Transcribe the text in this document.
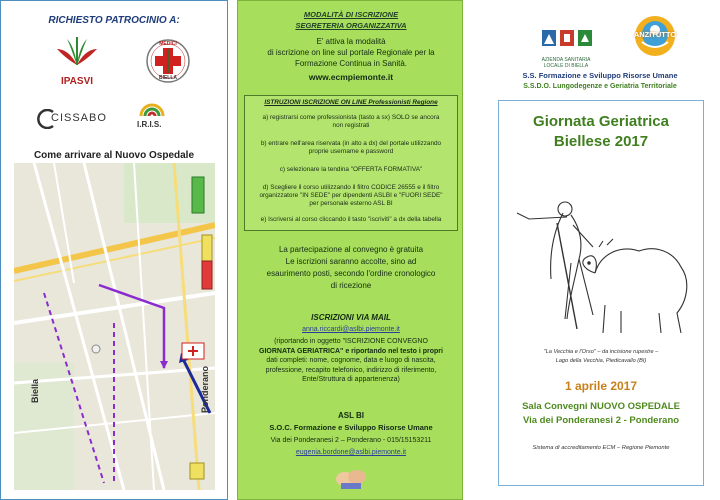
RICHIESTO PATROCINIO A:
IPASVI
MEDICI
BIELLA
CISSABO
I.R.I.S.
Come arrivare al Nuovo Ospedale
Biella	Ponderano
MODALITÀ DI ISCRIZIONE
SEGRETERIA ORGANIZZATIVA
E' attiva la modalità
di iscrizione on line sul portale Regionale per la
Formazione Continua in Sanità.
www.ecmpiemonte.it
ISTRUZIONI ISCRIZIONE ON LINE Professionisti Regione
a) registrarsi come professionista (tasto a sx) SOLO se ancora
non registrati
b) entrare nell'area riservata (in alto a dx) del portale utilizzando
proprie username e password
c) selezionare la tendina "OFFERTA FORMATIVA"
d) Scegliere il corso utilizzando il filtro CODICE 26555 e il filtro
organizzatore "IN SEDE" per dipendenti ASLBI e "FUORI SEDE"
per personale esterno ASL BI
e) Iscriversi al corso cliccando il tasto "iscriviti" a dx della tabella
La partecipazione al convegno è gratuita
Le iscrizioni saranno accolte, sino ad
esaurimento posti, secondo l'ordine cronologico
di ricezione
ISCRIZIONI VIA MAIL
anna.riccardi@aslbi.piemonte.it
(riportando in oggetto "ISCRIZIONE CONVEGNO
GIORNATA GERIATRICA" e riportando nel testo i propri
dati completi: nome, cognome, data e luogo di nascita,
professione, recapito telefonico, indirizzo di riferimento,
Ente/Struttura di appartenenza)
ASL BI
S.O.C. Formazione e Sviluppo Risorse Umane
Via dei Ponderanesi 2 – Ponderano - 015/15153211
eugenia.bordone@aslbi.piemonte.it
AZIENDA SANITARIA
LOCALE DI BIELLA
ANZITUTTO
S.S. Formazione e Sviluppo Risorse Umane
S.S.D.O. Lungodegenze e Geriatria Territoriale
Giornata Geriatrica
Biellese 2017
"La Vecchia e l'Orso" – da incisione rupestre –
Lago della Vecchia, Piedicavallo (BI)
1 aprile 2017
Sala Convegni NUOVO OSPEDALE
Via dei Ponderanesi 2 - Ponderano
Sistema di accreditamento ECM – Regione Piemonte
